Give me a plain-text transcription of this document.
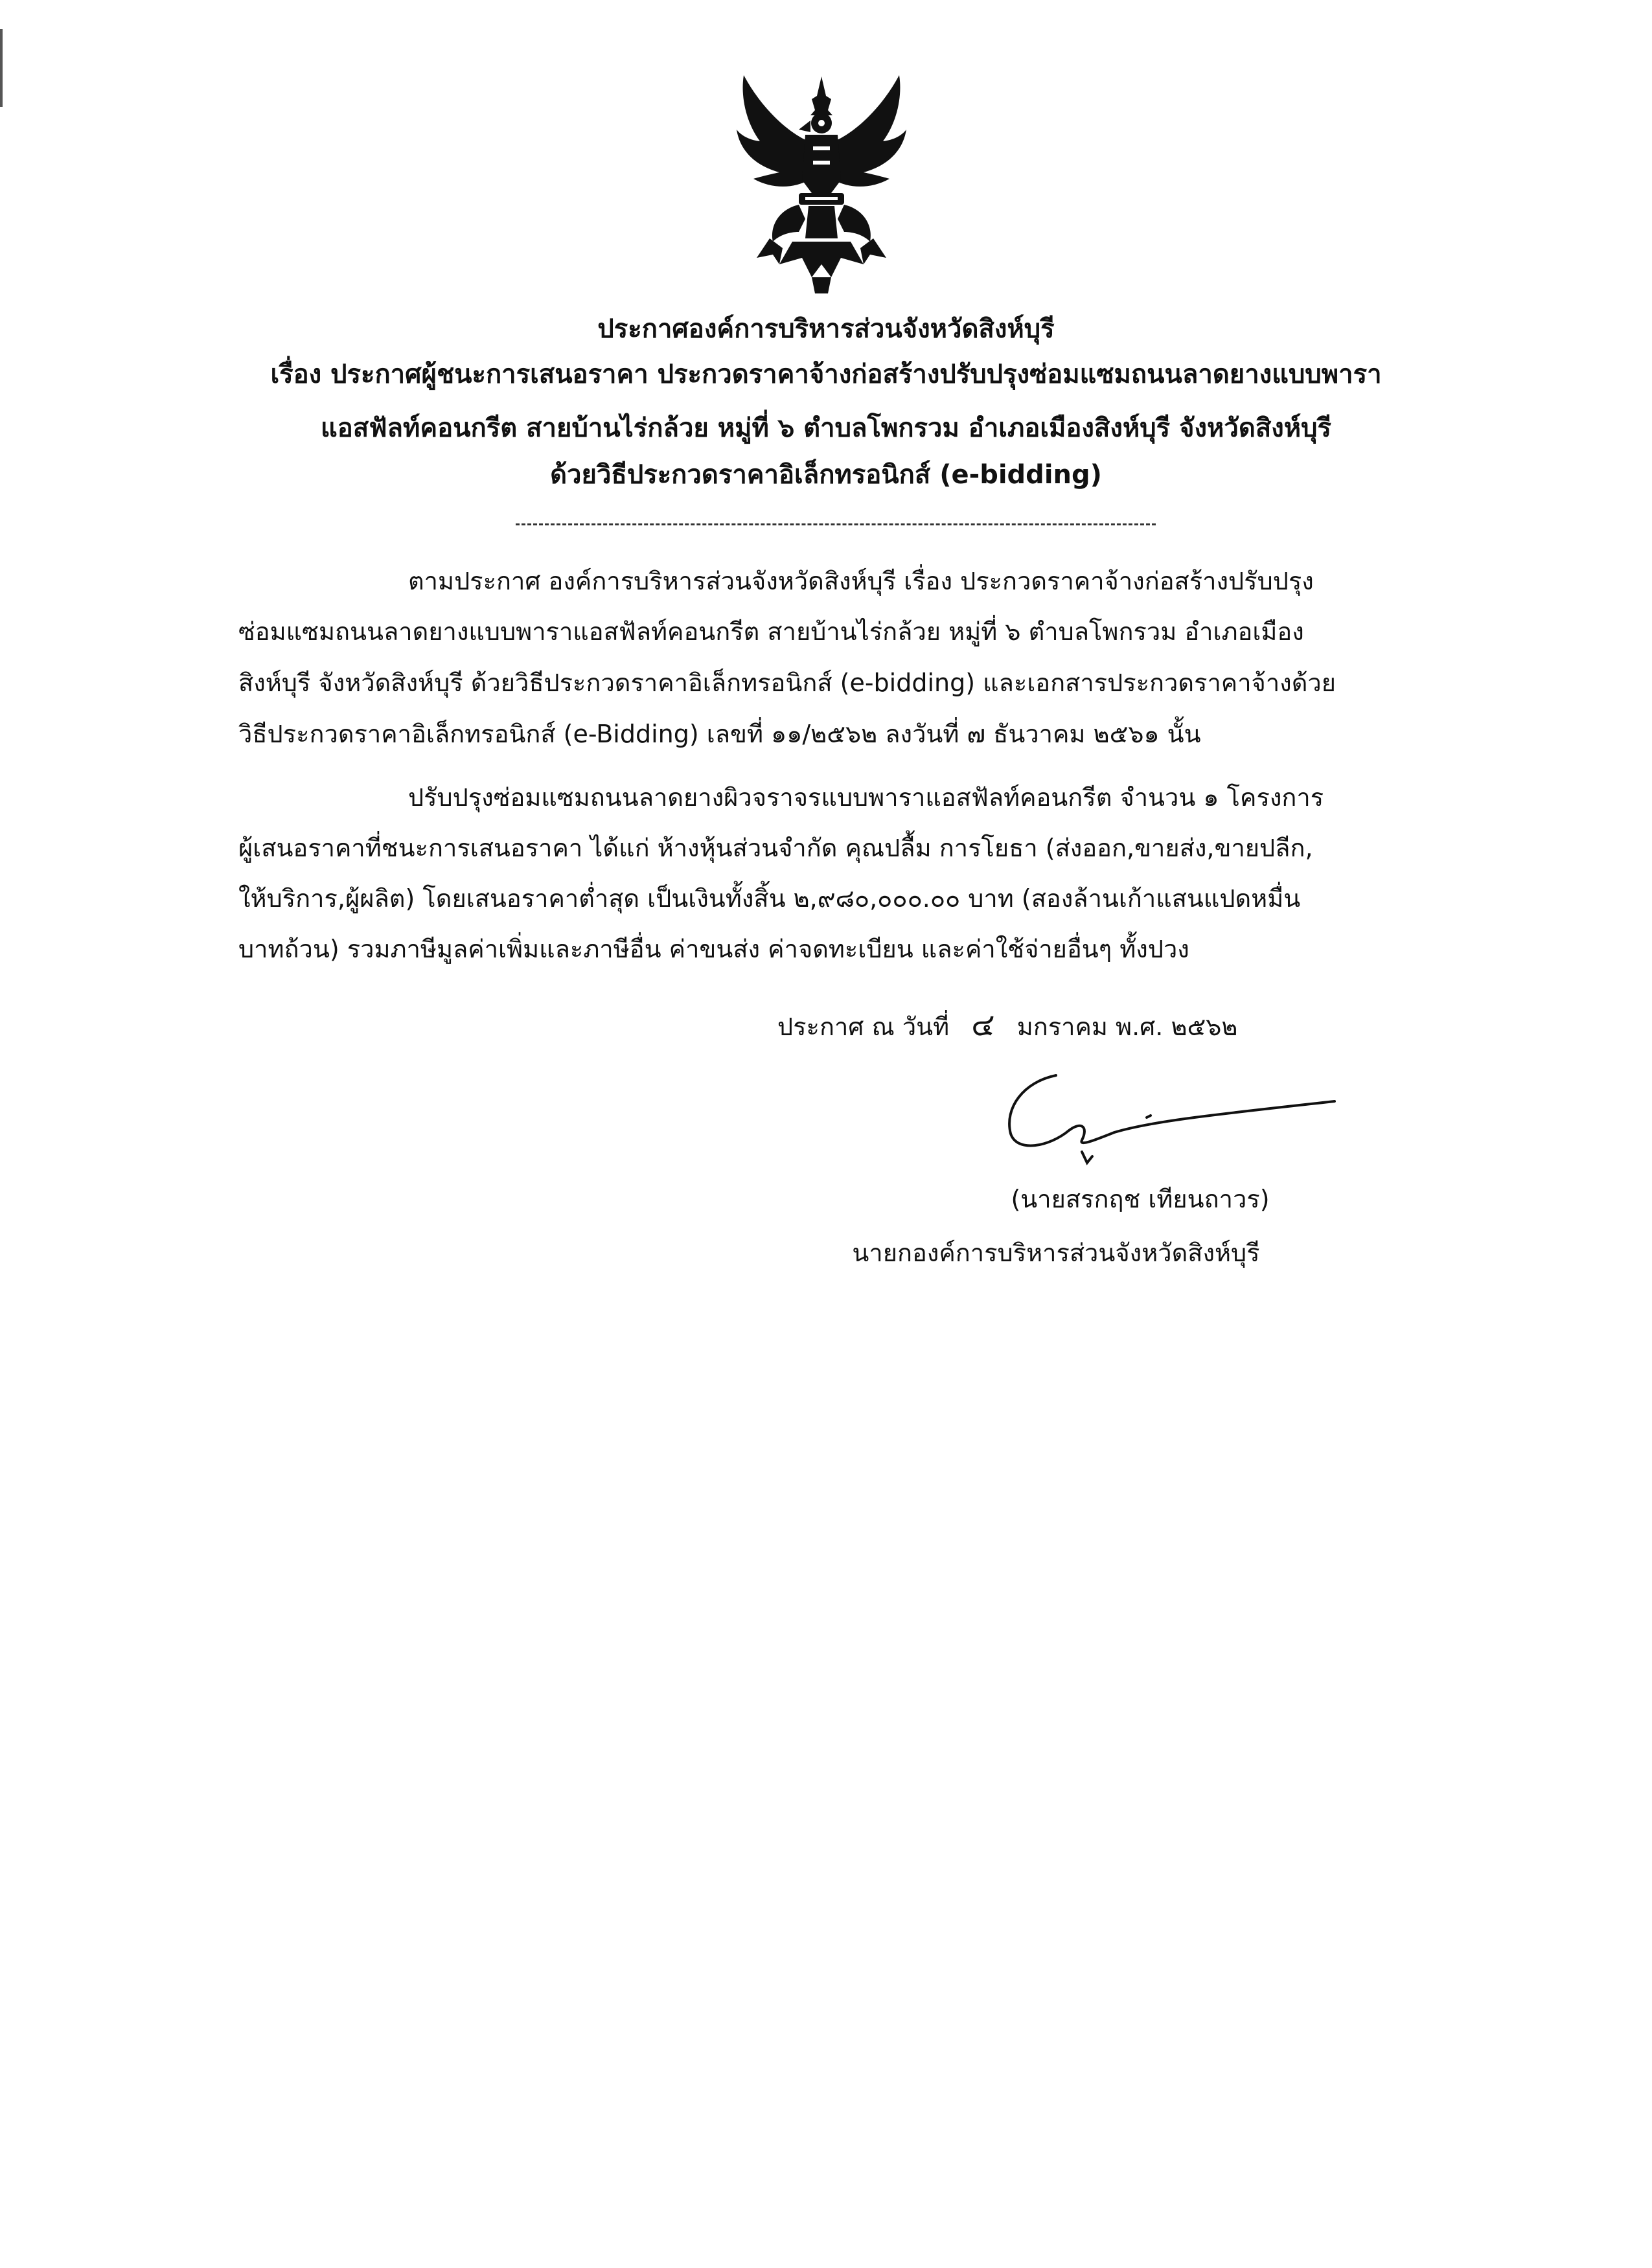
ประกาศองค์การบริหารส่วนจังหวัดสิงห์บุรี
เรื่อง ประกาศผู้ชนะการเสนอราคา ประกวดราคาจ้างก่อสร้างปรับปรุงซ่อมแซมถนนลาดยางแบบพารา
แอสฟัลท์คอนกรีต สายบ้านไร่กล้วย หมู่ที่ ๖ ตำบลโพกรวม อำเภอเมืองสิงห์บุรี จังหวัดสิงห์บุรี
ด้วยวิธีประกวดราคาอิเล็กทรอนิกส์ (e-bidding)
ตามประกาศ องค์การบริหารส่วนจังหวัดสิงห์บุรี เรื่อง ประกวดราคาจ้างก่อสร้างปรับปรุง
ซ่อมแซมถนนลาดยางแบบพาราแอสฟัลท์คอนกรีต สายบ้านไร่กล้วย หมู่ที่ ๖ ตำบลโพกรวม อำเภอเมือง
สิงห์บุรี จังหวัดสิงห์บุรี ด้วยวิธีประกวดราคาอิเล็กทรอนิกส์ (e-bidding) และเอกสารประกวดราคาจ้างด้วย
วิธีประกวดราคาอิเล็กทรอนิกส์ (e-Bidding) เลขที่ ๑๑/๒๕๖๒ ลงวันที่ ๗ ธันวาคม ๒๕๖๑ นั้น
ปรับปรุงซ่อมแซมถนนลาดยางผิวจราจรแบบพาราแอสฟัลท์คอนกรีต จำนวน ๑ โครงการ
ผู้เสนอราคาที่ชนะการเสนอราคา ได้แก่ ห้างหุ้นส่วนจำกัด คุณปลื้ม การโยธา (ส่งออก,ขายส่ง,ขายปลีก,
ให้บริการ,ผู้ผลิต) โดยเสนอราคาต่ำสุด เป็นเงินทั้งสิ้น ๒,๙๘๐,๐๐๐.๐๐ บาท (สองล้านเก้าแสนแปดหมื่น
บาทถ้วน) รวมภาษีมูลค่าเพิ่มและภาษีอื่น ค่าขนส่ง ค่าจดทะเบียน และค่าใช้จ่ายอื่นๆ ทั้งปวง
ประกาศ ณ วันที่ ๔ มกราคม พ.ศ. ๒๕๖๒
(นายสรกฤช เทียนถาวร)
นายกองค์การบริหารส่วนจังหวัดสิงห์บุรี
